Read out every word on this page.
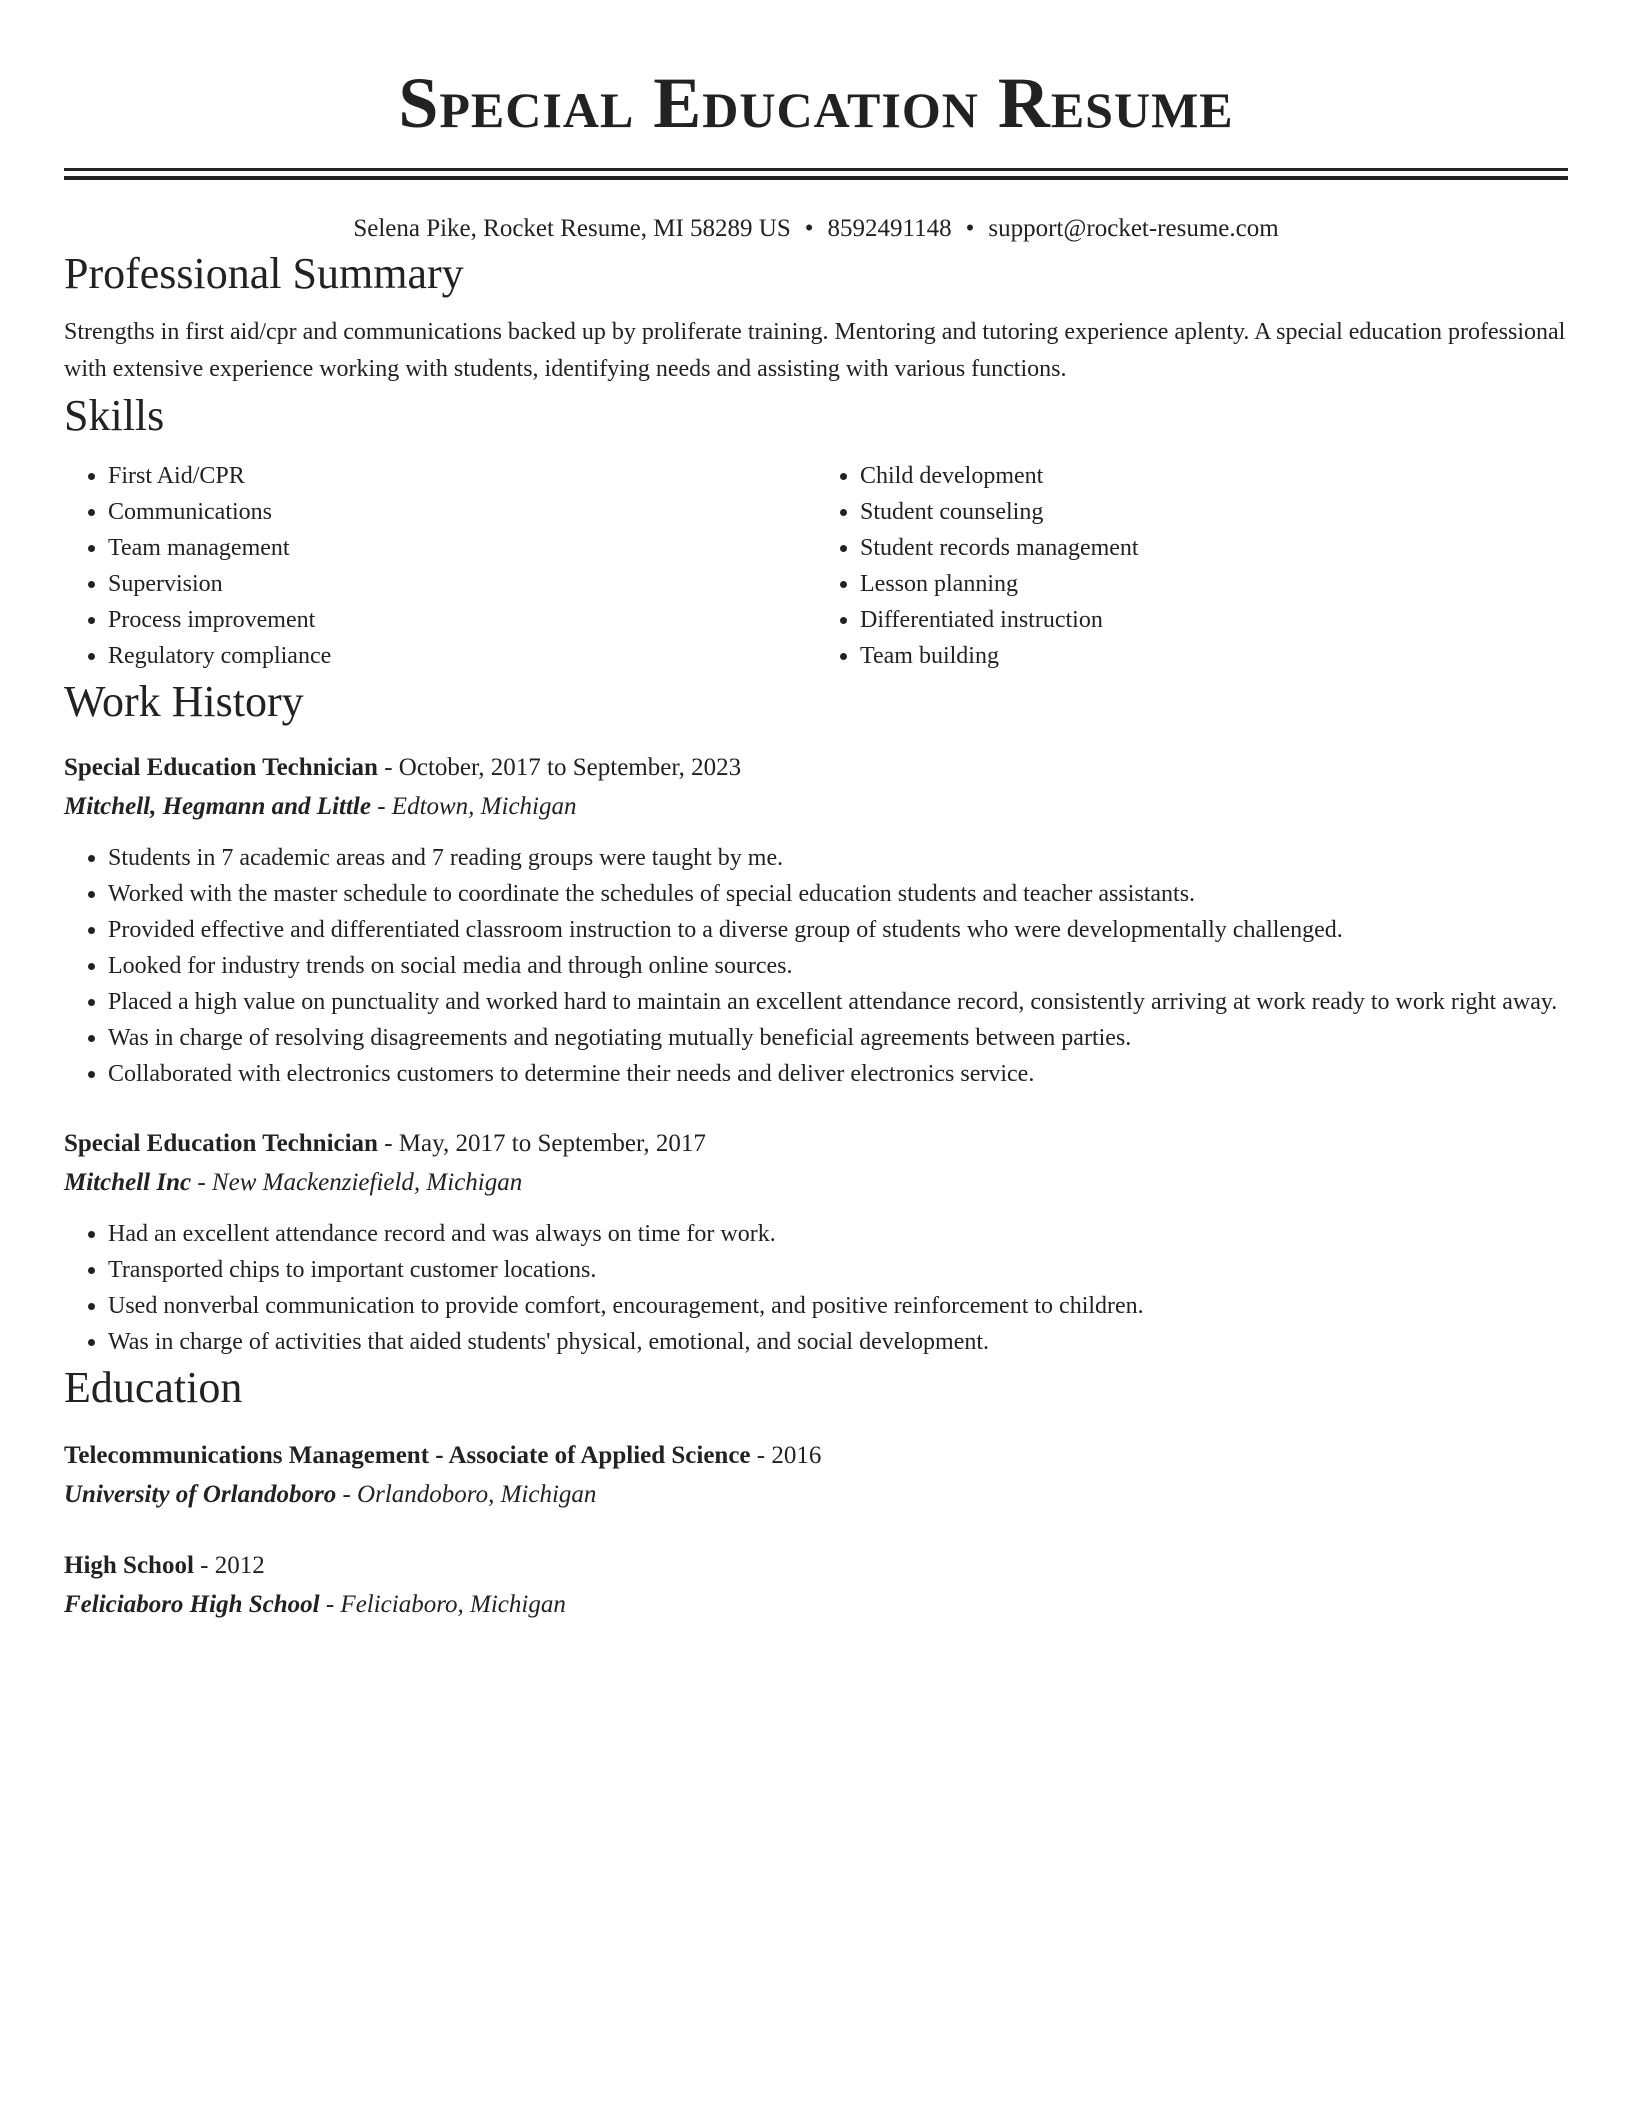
Special Education Resume
Selena Pike, Rocket Resume, MI 58289 US • 8592491148 • support@rocket-resume.com
Professional Summary

Strengths in first aid/cpr and communications backed up by proliferate training. Mentoring and tutoring experience aplenty. A special education professional with extensive experience working with students, identifying needs and assisting with various functions.

Skills
• First Aid/CPR
• Communications
• Team management
• Supervision
• Process improvement
• Regulatory compliance
• Child development
• Student counseling
• Student records management
• Lesson planning
• Differentiated instruction
• Team building
Work History
Special Education Technician - October, 2017 to September, 2023
Mitchell, Hegmann and Little - Edtown, Michigan
• Students in 7 academic areas and 7 reading groups were taught by me.
• Worked with the master schedule to coordinate the schedules of special education students and teacher assistants.
• Provided effective and differentiated classroom instruction to a diverse group of students who were developmentally challenged.
• Looked for industry trends on social media and through online sources.
• Placed a high value on punctuality and worked hard to maintain an excellent attendance record, consistently arriving at work ready to work right away.
• Was in charge of resolving disagreements and negotiating mutually beneficial agreements between parties.
• Collaborated with electronics customers to determine their needs and deliver electronics service.
Special Education Technician - May, 2017 to September, 2017
Mitchell Inc - New Mackenziefield, Michigan
• Had an excellent attendance record and was always on time for work.
• Transported chips to important customer locations.
• Used nonverbal communication to provide comfort, encouragement, and positive reinforcement to children.
• Was in charge of activities that aided students' physical, emotional, and social development.
Education
Telecommunications Management - Associate of Applied Science - 2016
University of Orlandoboro - Orlandoboro, Michigan
High School - 2012
Feliciaboro High School - Feliciaboro, Michigan
